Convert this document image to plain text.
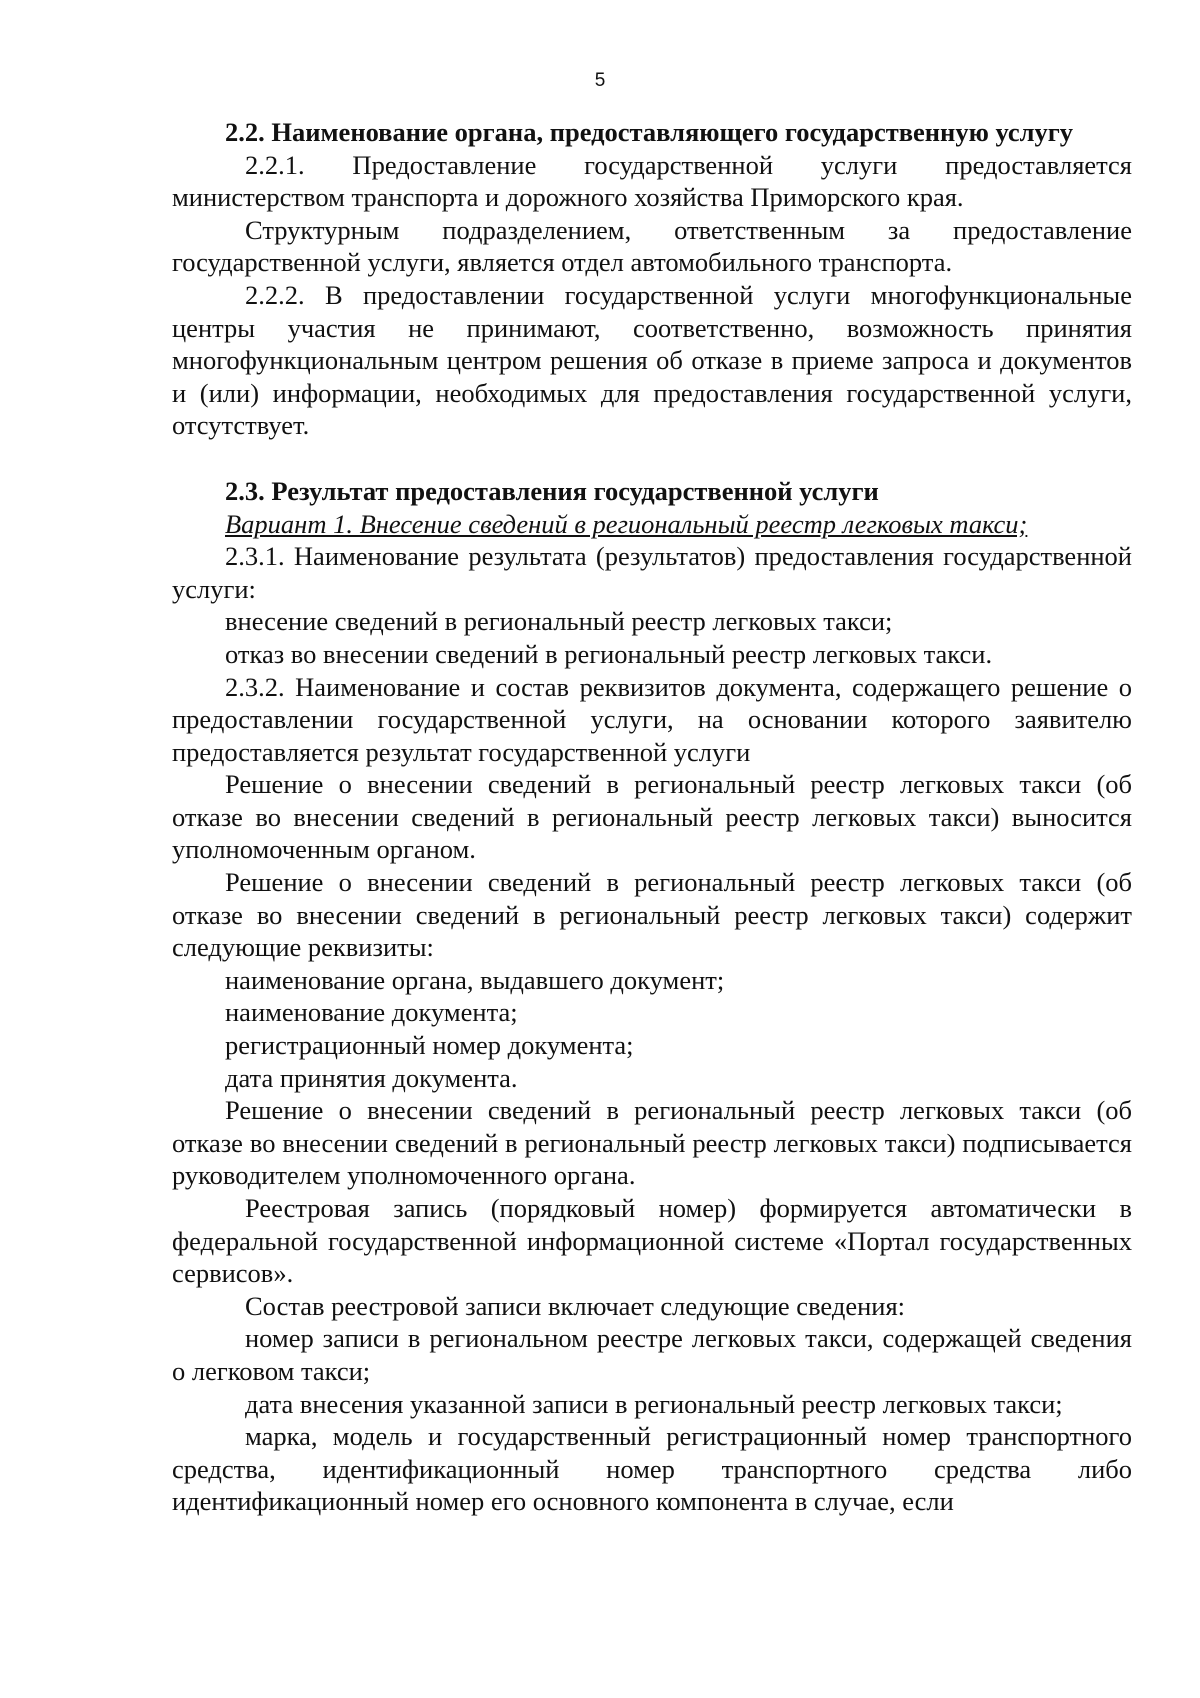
5

2.2. Наименование органа, предоставляющего государственную услугу

2.2.1. Предоставление государственной услуги предоставляется министерством транспорта и дорожного хозяйства Приморского края.

Структурным подразделением, ответственным за предоставление государственной услуги, является отдел автомобильного транспорта.

2.2.2. В предоставлении государственной услуги многофункциональные центры участия не принимают, соответственно, возможность принятия многофункциональным центром решения об отказе в приеме запроса и документов и (или) информации, необходимых для предоставления государственной услуги, отсутствует.

2.3. Результат предоставления государственной услуги

Вариант 1. Внесение сведений в региональный реестр легковых такси;

2.3.1. Наименование результата (результатов) предоставления государственной услуги:

внесение сведений в региональный реестр легковых такси;

отказ во внесении сведений в региональный реестр легковых такси.

2.3.2. Наименование и состав реквизитов документа, содержащего решение о предоставлении государственной услуги, на основании которого заявителю предоставляется результат государственной услуги

Решение о внесении сведений в региональный реестр легковых такси (об отказе во внесении сведений в региональный реестр легковых такси) выносится уполномоченным органом.

Решение о внесении сведений в региональный реестр легковых такси (об отказе во внесении сведений в региональный реестр легковых такси) содержит следующие реквизиты:

наименование органа, выдавшего документ;

наименование документа;

регистрационный номер документа;

дата принятия документа.

Решение о внесении сведений в региональный реестр легковых такси (об отказе во внесении сведений в региональный реестр легковых такси) подписывается руководителем уполномоченного органа.

Реестровая запись (порядковый номер) формируется автоматически в федеральной государственной информационной системе «Портал государственных сервисов».

Состав реестровой записи включает следующие сведения:

номер записи в региональном реестре легковых такси, содержащей сведения о легковом такси;

дата внесения указанной записи в региональный реестр легковых такси;

марка, модель и государственный регистрационный номер транспортного средства, идентификационный номер транспортного средства либо идентификационный номер его основного компонента в случае, если
